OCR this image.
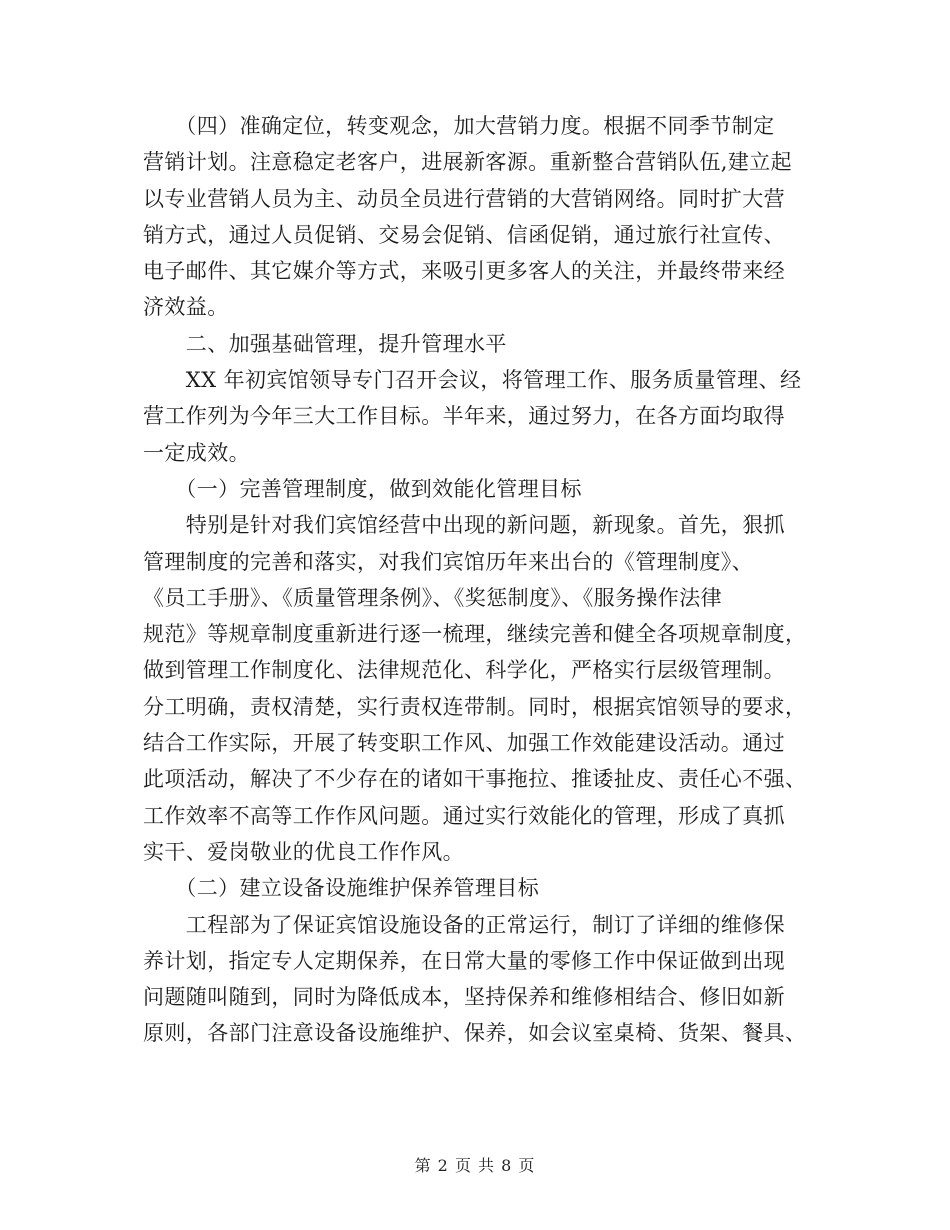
　　（四）准确定位，转变观念，加大营销力度。根据不同季节制定
营销计划。注意稳定老客户，进展新客源。重新整合营销队伍,建立起
以专业营销人员为主、动员全员进行营销的大营销网络。同时扩大营
销方式，通过人员促销、交易会促销、信函促销，通过旅行社宣传、
电子邮件、其它媒介等方式，来吸引更多客人的关注，并最终带来经
济效益。
　　二、加强基础管理，提升管理水平
　　XX 年初宾馆领导专门召开会议，将管理工作、服务质量管理、经
营工作列为今年三大工作目标。半年来，通过努力，在各方面均取得
一定成效。
　　（一）完善管理制度，做到效能化管理目标
　　特别是针对我们宾馆经营中出现的新问题，新现象。首先，狠抓
管理制度的完善和落实，对我们宾馆历年来出台的《管理制度》、
《员工手册》、《质量管理条例》、《奖惩制度》、《服务操作法律
规范》等规章制度重新进行逐一梳理，继续完善和健全各项规章制度，
做到管理工作制度化、法律规范化、科学化，严格实行层级管理制。
分工明确，责权清楚，实行责权连带制。同时，根据宾馆领导的要求，
结合工作实际，开展了转变职工作风、加强工作效能建设活动。通过
此项活动，解决了不少存在的诸如干事拖拉、推诿扯皮、责任心不强、
工作效率不高等工作作风问题。通过实行效能化的管理，形成了真抓
实干、爱岗敬业的优良工作作风。
　　（二）建立设备设施维护保养管理目标
　　工程部为了保证宾馆设施设备的正常运行，制订了详细的维修保
养计划，指定专人定期保养，在日常大量的零修工作中保证做到出现
问题随叫随到，同时为降低成本，坚持保养和维修相结合、修旧如新
原则，各部门注意设备设施维护、保养，如会议室桌椅、货架、餐具、
第 2 页 共 8 页
